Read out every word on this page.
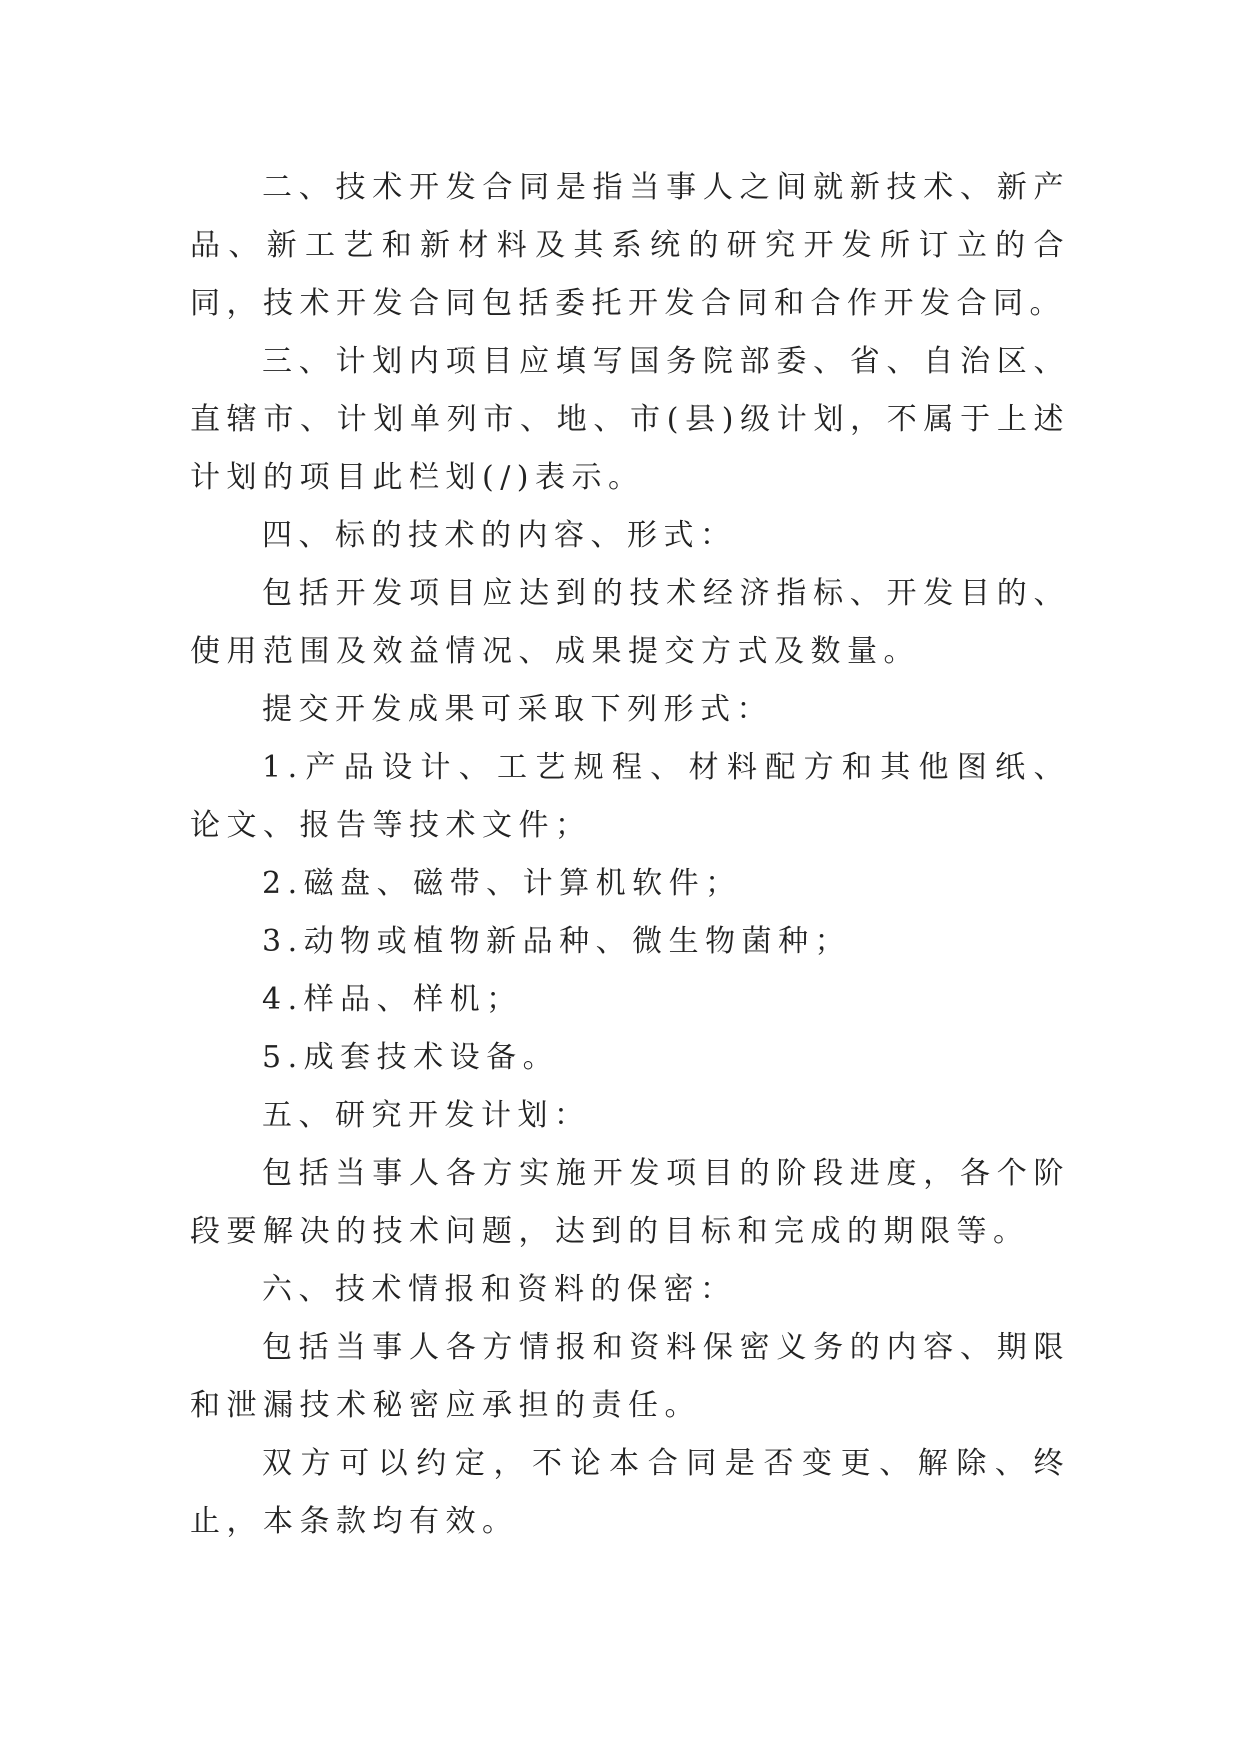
二、技术开发合同是指当事人之间就新技术、新产品、新工艺和新材料及其系统的研究开发所订立的合同，技术开发合同包括委托开发合同和合作开发合同。

三、计划内项目应填写国务院部委、省、自治区、直辖市、计划单列市、地、市(县)级计划，不属于上述计划的项目此栏划(/)表示。

四、标的技术的内容、形式：

包括开发项目应达到的技术经济指标、开发目的、使用范围及效益情况、成果提交方式及数量。

提交开发成果可采取下列形式：

1.产品设计、工艺规程、材料配方和其他图纸、论文、报告等技术文件；

2.磁盘、磁带、计算机软件；

3.动物或植物新品种、微生物菌种；

4.样品、样机；

5.成套技术设备。

五、研究开发计划：

包括当事人各方实施开发项目的阶段进度，各个阶段要解决的技术问题，达到的目标和完成的期限等。

六、技术情报和资料的保密：

包括当事人各方情报和资料保密义务的内容、期限和泄漏技术秘密应承担的责任。

双方可以约定，不论本合同是否变更、解除、终止，本条款均有效。
